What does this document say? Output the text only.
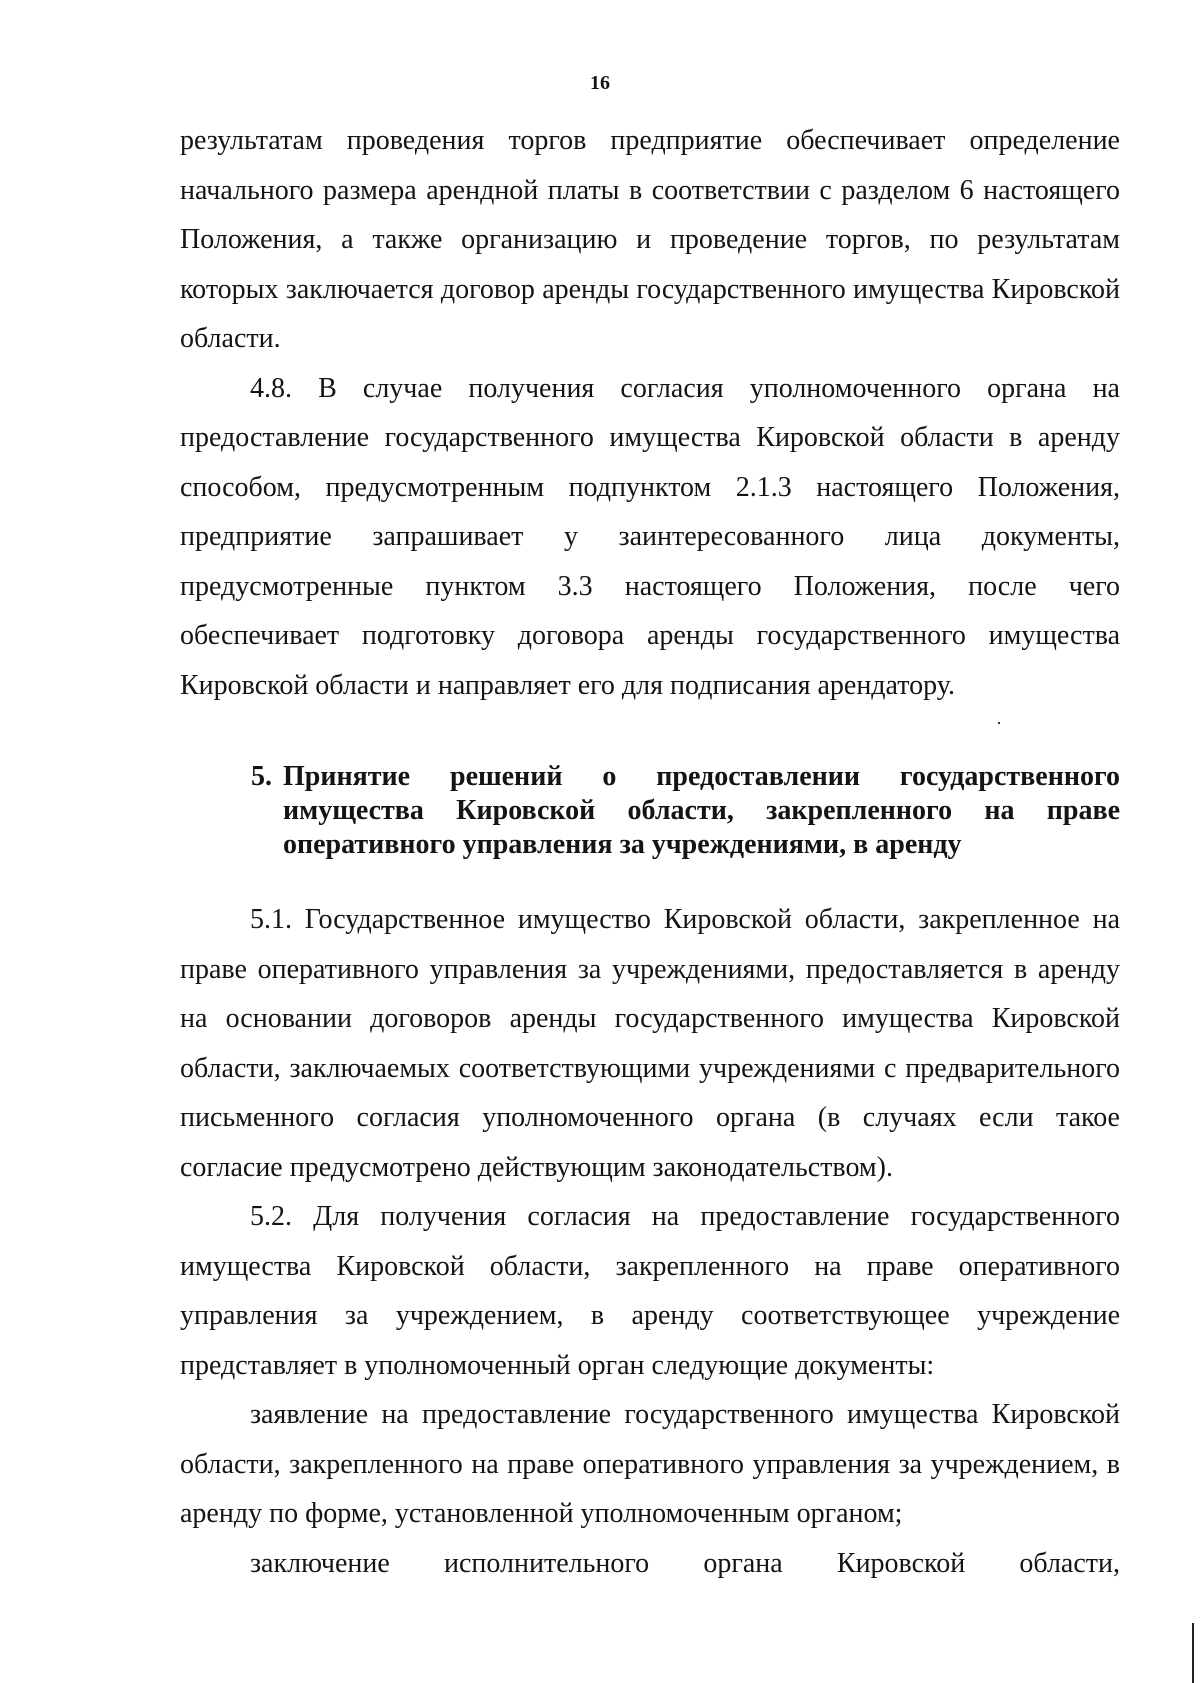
16

результатам проведения торгов предприятие обеспечивает определение начального размера арендной платы в соответствии с разделом 6 настоящего Положения, а также организацию и проведение торгов, по результатам которых заключается договор аренды государственного имущества Кировской области.

4.8. В случае получения согласия уполномоченного органа на предоставление государственного имущества Кировской области в аренду способом, предусмотренным подпунктом 2.1.3 настоящего Положения, предприятие запрашивает у заинтересованного лица документы, предусмотренные пунктом 3.3 настоящего Положения, после чего обеспечивает подготовку договора аренды государственного имущества Кировской области и направляет его для подписания арендатору.

5. Принятие решений о предоставлении государственного имущества Кировской области, закрепленного на праве оперативного управления за учреждениями, в аренду

5.1. Государственное имущество Кировской области, закрепленное на праве оперативного управления за учреждениями, предоставляется в аренду на основании договоров аренды государственного имущества Кировской области, заключаемых соответствующими учреждениями с предварительного письменного согласия уполномоченного органа (в случаях если такое согласие предусмотрено действующим законодательством).

5.2. Для получения согласия на предоставление государственного имущества Кировской области, закрепленного на праве оперативного управления за учреждением, в аренду соответствующее учреждение представляет в уполномоченный орган следующие документы:

заявление на предоставление государственного имущества Кировской области, закрепленного на праве оперативного управления за учреждением, в аренду по форме, установленной уполномоченным органом;

заключение исполнительного органа Кировской области,
